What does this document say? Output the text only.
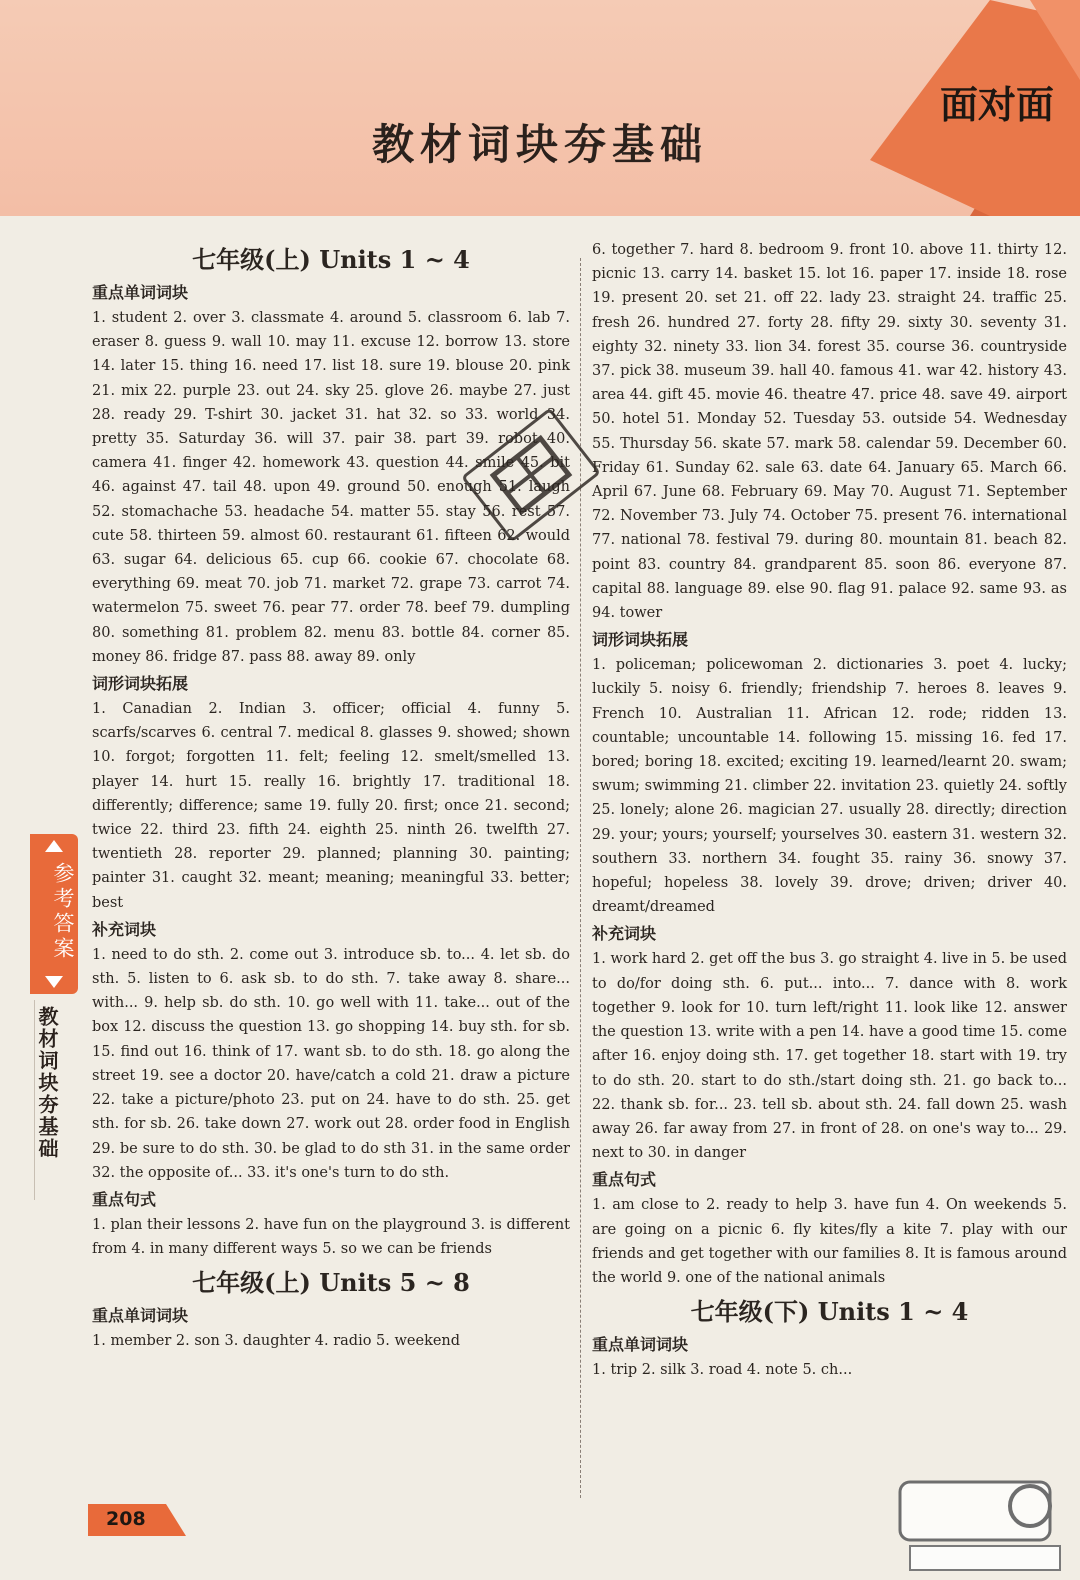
面对面
教材词块夯基础
七年级(上) Units 1 ~ 4
重点单词词块
1. student 2. over 3. classmate 4. around 5. classroom 6. lab 7. eraser 8. guess 9. wall 10. may 11. excuse 12. borrow 13. store 14. later 15. thing 16. need 17. list 18. sure 19. blouse 20. pink 21. mix 22. purple 23. out 24. sky 25. glove 26. maybe 27. just 28. ready 29. T-shirt 30. jacket 31. hat 32. so 33. world 34. pretty 35. Saturday 36. will 37. pair 38. part 39. robot 40. camera 41. finger 42. homework 43. question 44. smile 45. bit 46. against 47. tail 48. upon 49. ground 50. enough 51. laugh 52. stomachache 53. headache 54. matter 55. stay 56. rest 57. cute 58. thirteen 59. almost 60. restaurant 61. fifteen 62. would 63. sugar 64. delicious 65. cup 66. cookie 67. chocolate 68. everything 69. meat 70. job 71. market 72. grape 73. carrot 74. watermelon 75. sweet 76. pear 77. order 78. beef 79. dumpling 80. something 81. problem 82. menu 83. bottle 84. corner 85. money 86. fridge 87. pass 88. away 89. only
词形词块拓展
1. Canadian 2. Indian 3. officer; official 4. funny 5. scarfs/scarves 6. central 7. medical 8. glasses 9. showed; shown 10. forgot; forgotten 11. felt; feeling 12. smelt/smelled 13. player 14. hurt 15. really 16. brightly 17. traditional 18. differently; difference; same 19. fully 20. first; once 21. second; twice 22. third 23. fifth 24. eighth 25. ninth 26. twelfth 27. twentieth 28. reporter 29. planned; planning 30. painting; painter 31. caught 32. meant; meaning; meaningful 33. better; best
补充词块
1. need to do sth. 2. come out 3. introduce sb. to... 4. let sb. do sth. 5. listen to 6. ask sb. to do sth. 7. take away 8. share... with... 9. help sb. do sth. 10. go well with 11. take... out of the box 12. discuss the question 13. go shopping 14. buy sth. for sb. 15. find out 16. think of 17. want sb. to do sth. 18. go along the street 19. see a doctor 20. have/catch a cold 21. draw a picture 22. take a picture/photo 23. put on 24. have to do sth. 25. get sth. for sb. 26. take down 27. work out 28. order food in English 29. be sure to do sth. 30. be glad to do sth 31. in the same order 32. the opposite of... 33. it's one's turn to do sth.
重点句式
1. plan their lessons 2. have fun on the playground 3. is different from 4. in many different ways 5. so we can be friends
七年级(上) Units 5 ~ 8
重点单词词块
1. member 2. son 3. daughter 4. radio 5. weekend
6. together 7. hard 8. bedroom 9. front 10. above 11. thirty 12. picnic 13. carry 14. basket 15. lot 16. paper 17. inside 18. rose 19. present 20. set 21. off 22. lady 23. straight 24. traffic 25. fresh 26. hundred 27. forty 28. fifty 29. sixty 30. seventy 31. eighty 32. ninety 33. lion 34. forest 35. course 36. countryside 37. pick 38. museum 39. hall 40. famous 41. war 42. history 43. area 44. gift 45. movie 46. theatre 47. price 48. save 49. airport 50. hotel 51. Monday 52. Tuesday 53. outside 54. Wednesday 55. Thursday 56. skate 57. mark 58. calendar 59. December 60. Friday 61. Sunday 62. sale 63. date 64. January 65. March 66. April 67. June 68. February 69. May 70. August 71. September 72. November 73. July 74. October 75. present 76. international 77. national 78. festival 79. during 80. mountain 81. beach 82. point 83. country 84. grandparent 85. soon 86. everyone 87. capital 88. language 89. else 90. flag 91. palace 92. same 93. as 94. tower
词形词块拓展
1. policeman; policewoman 2. dictionaries 3. poet 4. lucky; luckily 5. noisy 6. friendly; friendship 7. heroes 8. leaves 9. French 10. Australian 11. African 12. rode; ridden 13. countable; uncountable 14. following 15. missing 16. fed 17. bored; boring 18. excited; exciting 19. learned/learnt 20. swam; swum; swimming 21. climber 22. invitation 23. quietly 24. softly 25. lonely; alone 26. magician 27. usually 28. directly; direction 29. your; yours; yourself; yourselves 30. eastern 31. western 32. southern 33. northern 34. fought 35. rainy 36. snowy 37. hopeful; hopeless 38. lovely 39. drove; driven; driver 40. dreamt/dreamed
补充词块
1. work hard 2. get off the bus 3. go straight 4. live in 5. be used to do/for doing sth. 6. put... into... 7. dance with 8. work together 9. look for 10. turn left/right 11. look like 12. answer the question 13. write with a pen 14. have a good time 15. come after 16. enjoy doing sth. 17. get together 18. start with 19. try to do sth. 20. start to do sth./start doing sth. 21. go back to... 22. thank sb. for... 23. tell sb. about sth. 24. fall down 25. wash away 26. far away from 27. in front of 28. on one's way to... 29. next to 30. in danger
重点句式
1. am close to 2. ready to help 3. have fun 4. On weekends 5. are going on a picnic 6. fly kites/fly a kite 7. play with our friends and get together with our families 8. It is famous around the world 9. one of the national animals
七年级(下) Units 1 ~ 4
重点单词词块
1. trip 2. silk 3. road 4. note 5. ch...
参考答案
教材词块夯基础
208
